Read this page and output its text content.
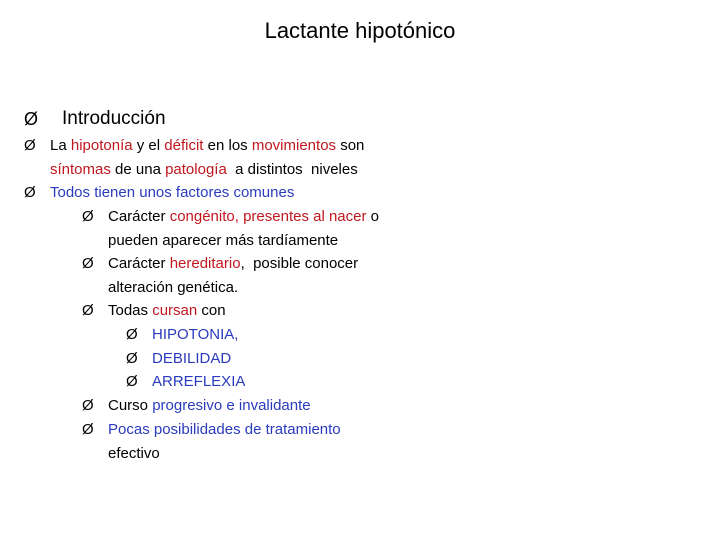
Lactante hipotónico
Ø	Introducción
Ø La hipotonía y el déficit en los movimientos son
síntomas de una patología  a distintos  niveles
Ø Todos tienen unos factores comunes
Ø Carácter congénito, presentes al nacer o
pueden aparecer más tardíamente
Ø Carácter hereditario,  posible conocer
alteración genética.
Ø Todas cursan con
Ø HIPOTONIA,
Ø DEBILIDAD
Ø ARREFLEXIA
Ø Curso progresivo e invalidante
Ø Pocas posibilidades de tratamiento
efectivo
